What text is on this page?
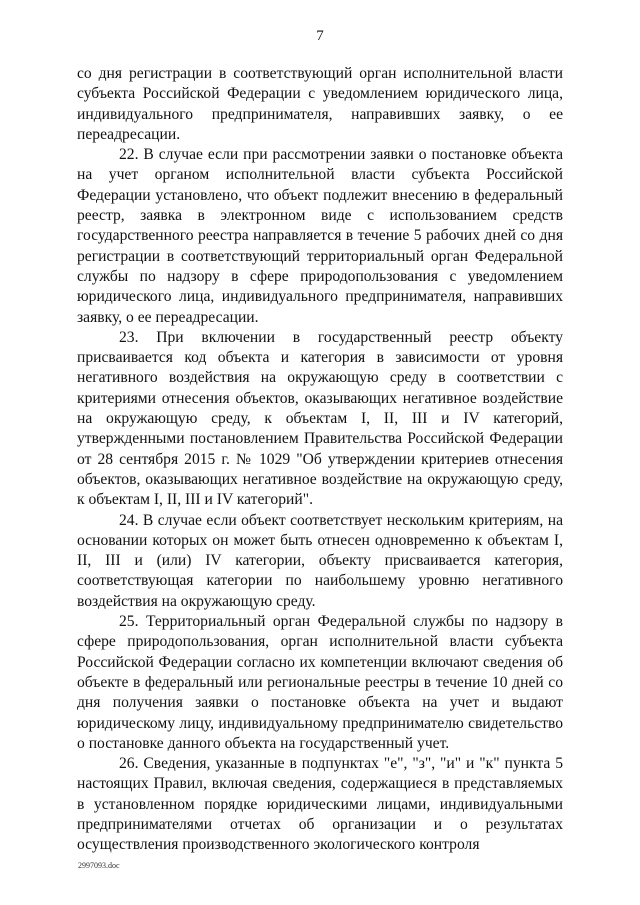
7

со дня регистрации в соответствующий орган исполнительной власти субъекта Российской Федерации с уведомлением юридического лица, индивидуального предпринимателя, направивших заявку, о ее переадресации.

22. В случае если при рассмотрении заявки о постановке объекта на учет органом исполнительной власти субъекта Российской Федерации установлено, что объект подлежит внесению в федеральный реестр, заявка в электронном виде с использованием средств государственного реестра направляется в течение 5 рабочих дней со дня регистрации в соответствующий территориальный орган Федеральной службы по надзору в сфере природопользования с уведомлением юридического лица, индивидуального предпринимателя, направивших заявку, о ее переадресации.

23. При включении в государственный реестр объекту присваивается код объекта и категория в зависимости от уровня негативного воздействия на окружающую среду в соответствии с критериями отнесения объектов, оказывающих негативное воздействие на окружающую среду, к объектам I, II, III и IV категорий, утвержденными постановлением Правительства Российской Федерации от 28 сентября 2015 г. № 1029 "Об утверждении критериев отнесения объектов, оказывающих негативное воздействие на окружающую среду, к объектам I, II, III и IV категорий".

24. В случае если объект соответствует нескольким критериям, на основании которых он может быть отнесен одновременно к объектам I, II, III и (или) IV категории, объекту присваивается категория, соответствующая категории по наибольшему уровню негативного воздействия на окружающую среду.

25. Территориальный орган Федеральной службы по надзору в сфере природопользования, орган исполнительной власти субъекта Российской Федерации согласно их компетенции включают сведения об объекте в федеральный или региональные реестры в течение 10 дней со дня получения заявки о постановке объекта на учет и выдают юридическому лицу, индивидуальному предпринимателю свидетельство о постановке данного объекта на государственный учет.

26. Сведения, указанные в подпунктах "е", "з", "и" и "к" пункта 5 настоящих Правил, включая сведения, содержащиеся в представляемых в установленном порядке юридическими лицами, индивидуальными предпринимателями отчетах об организации и о результатах осуществления производственного экологического контроля

2997093.doc
